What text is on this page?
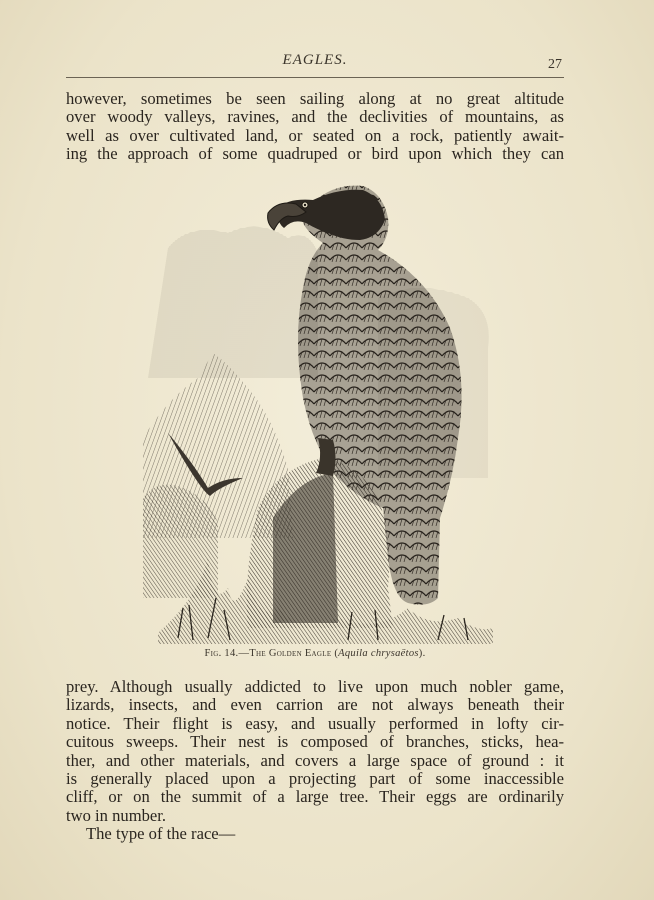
EAGLES.	27
however, sometimes be seen sailing along at no great altitude
over woody valleys, ravines, and the declivities of mountains, as
well as over cultivated land, or seated on a rock, patiently await-
ing the approach of some quadruped or bird upon which they can
Fig. 14.—The Golden Eagle (Aquila chrysaëtos).
prey. Although usually addicted to live upon much nobler game,
lizards, insects, and even carrion are not always beneath their
notice. Their flight is easy, and usually performed in lofty cir-
cuitous sweeps. Their nest is composed of branches, sticks, hea-
ther, and other materials, and covers a large space of ground : it
is generally placed upon a projecting part of some inaccessible
cliff, or on the summit of a large tree. Their eggs are ordinarily
two in number.
The type of the race—
